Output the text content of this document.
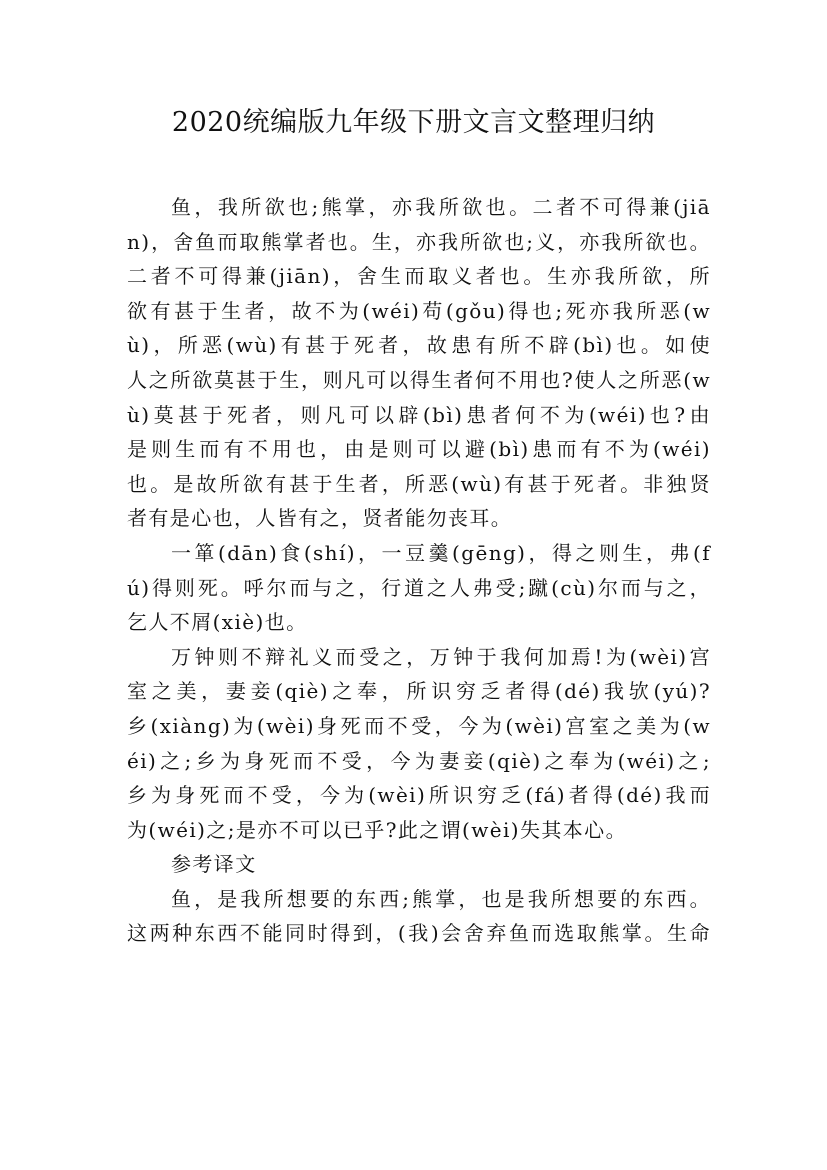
2020统编版九年级下册文言文整理归纳
鱼，我所欲也;熊掌，亦我所欲也。二者不可得兼(jiā
n)，舍鱼而取熊掌者也。生，亦我所欲也;义，亦我所欲也。
二者不可得兼(jiān)，舍生而取义者也。生亦我所欲，所
欲有甚于生者，故不为(wéi)苟(gǒu)得也;死亦我所恶(w
ù)，所恶(wù)有甚于死者，故患有所不辟(bì)也。如使
人之所欲莫甚于生，则凡可以得生者何不用也?使人之所恶(w
ù)莫甚于死者，则凡可以辟(bì)患者何不为(wéi)也?由
是则生而有不用也，由是则可以避(bì)患而有不为(wéi)
也。是故所欲有甚于生者，所恶(wù)有甚于死者。非独贤
者有是心也，人皆有之，贤者能勿丧耳。
一箪(dān)食(shí)，一豆羹(gēng)，得之则生，弗(f
ú)得则死。呼尔而与之，行道之人弗受;蹴(cù)尔而与之，
乞人不屑(xiè)也。
万钟则不辩礼义而受之，万钟于我何加焉!为(wèi)宫
室之美，妻妾(qiè)之奉，所识穷乏者得(dé)我欤(yú)?
乡(xiàng)为(wèi)身死而不受，今为(wèi)宫室之美为(w
éi)之;乡为身死而不受，今为妻妾(qiè)之奉为(wéi)之;
乡为身死而不受，今为(wèi)所识穷乏(fá)者得(dé)我而
为(wéi)之;是亦不可以已乎?此之谓(wèi)失其本心。
参考译文
鱼，是我所想要的东西;熊掌，也是我所想要的东西。
这两种东西不能同时得到，(我)会舍弃鱼而选取熊掌。生命
